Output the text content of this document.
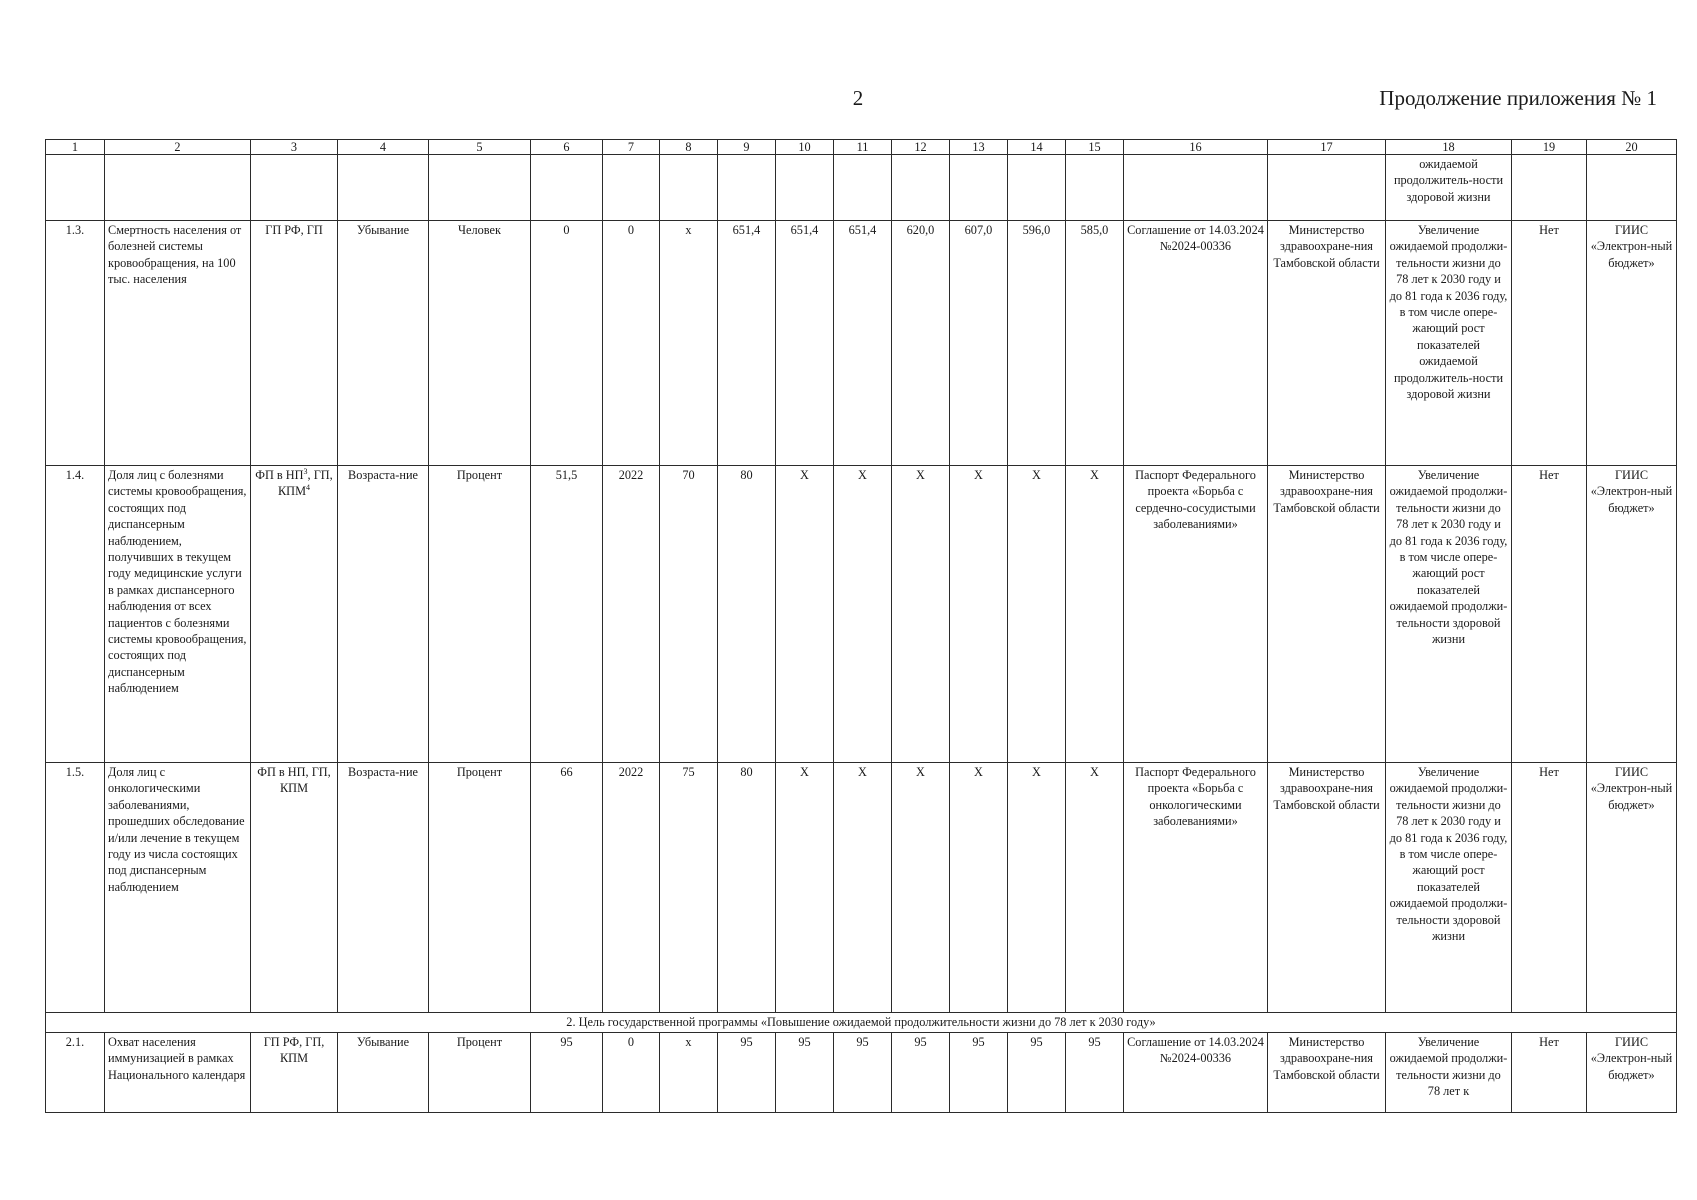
2	Продолжение приложения № 1
1	2	3	4	5	6	7	8	9	10	11	12	13	14	15	16	17	18	19	20
																	ожидаемой продолжитель-ности здоровой жизни		
1.3.	Смертность населения от болезней системы кровообращения, на 100 тыс. населения	ГП РФ, ГП	Убывание	Человек	0	0	х	651,4	651,4	651,4	620,0	607,0	596,0	585,0	Соглашение от 14.03.2024 №2024-00336	Министерство здравоохране-ния Тамбовской области	Увеличение ожидаемой продолжи-тельности жизни до 78 лет к 2030 году и до 81 года к 2036 году, в том числе опере-жающий рост показателей ожидаемой продолжитель-ности здоровой жизни	Нет	ГИИС «Электрон-ный бюджет»
1.4.	Доля лиц с болезнями системы кровообращения, состоящих под диспансерным наблюдением, получивших в текущем году медицинские услуги в рамках диспансерного наблюдения от всех пациентов с болезнями системы кровообращения, состоящих под диспансерным наблюдением	ФП в $НП^3$, ГП, КПМ$^4$	Возраста-ние	Процент	51,5	2022	70	80	Х	Х	Х	Х	Х	Х	Паспорт Федерального проекта «Борьба с сердечно-сосудистыми заболеваниями»	Министерство здравоохране-ния Тамбовской области	Увеличение ожидаемой продолжи-тельности жизни до 78 лет к 2030 году и до 81 года к 2036 году, в том числе опере-жающий рост показателей ожидаемой продолжи-тельности здоровой жизни	Нет	ГИИС «Электрон-ный бюджет»
1.5.	Доля лиц с онкологическими заболеваниями, прошедших обследование и/или лечение в текущем году из числа состоящих под диспансерным наблюдением	ФП в НП, ГП, КПМ	Возраста-ние	Процент	66	2022	75	80	Х	Х	Х	Х	Х	Х	Паспорт Федерального проекта «Борьба с онкологическими заболеваниями»	Министерство здравоохране-ния Тамбовской области	Увеличение ожидаемой продолжи-тельности жизни до 78 лет к 2030 году и до 81 года к 2036 году, в том числе опере-жающий рост показателей ожидаемой продолжи-тельности здоровой жизни	Нет	ГИИС «Электрон-ный бюджет»
2. Цель государственной программы «Повышение ожидаемой продолжительности жизни до 78 лет к 2030 году»																			
2.1.	Охват населения иммунизацией в рамках Национального календаря	ГП РФ, ГП, КПМ	Убывание	Процент	95	0	х	95	95	95	95	95	95	95	Соглашение от 14.03.2024 №2024-00336	Министерство здравоохране-ния Тамбовской области	Увеличение ожидаемой продолжи-тельности жизни до 78 лет к	Нет	ГИИС «Электрон-ный бюджет»
